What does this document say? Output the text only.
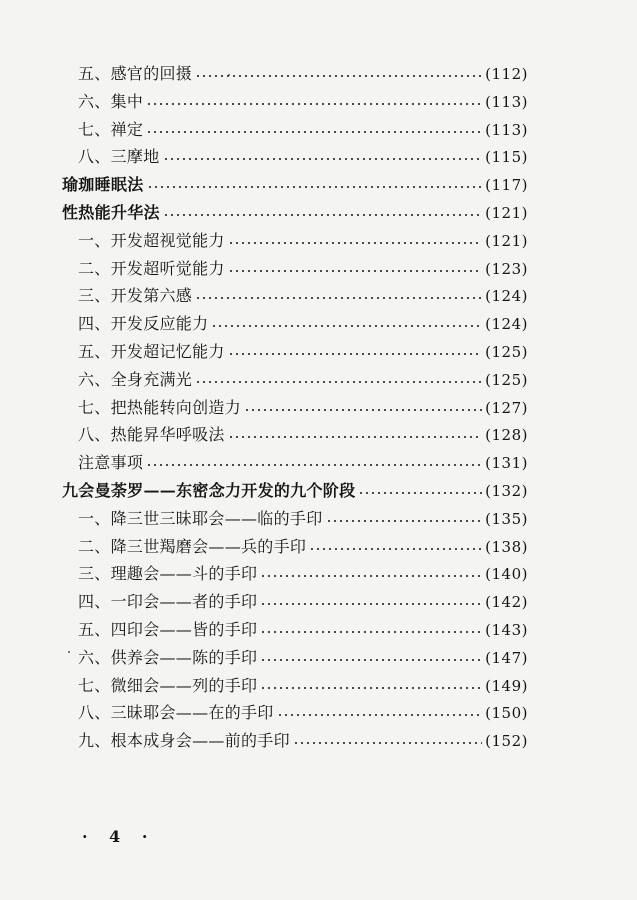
五、感官的回摄	(112)
六、集中	(113)
七、禅定	(113)
八、三摩地	(115)
瑜珈睡眠法	(117)
性热能升华法	(121)
一、开发超视觉能力	(121)
二、开发超听觉能力	(123)
三、开发第六感	(124)
四、开发反应能力	(124)
五、开发超记忆能力	(125)
六、全身充满光	(125)
七、把热能转向创造力	(127)
八、热能昇华呼吸法	(128)
注意事项	(131)
九会曼荼罗——东密念力开发的九个阶段	(132)
一、降三世三昧耶会——临的手印	(135)
二、降三世羯磨会——兵的手印	(138)
三、理趣会——斗的手印	(140)
四、一印会——者的手印	(142)
五、四印会——皆的手印	(143)
六、供养会——陈的手印	(147)
七、微细会——列的手印	(149)
八、三昧耶会——在的手印	(150)
九、根本成身会——前的手印	(152)
· 4 ·
